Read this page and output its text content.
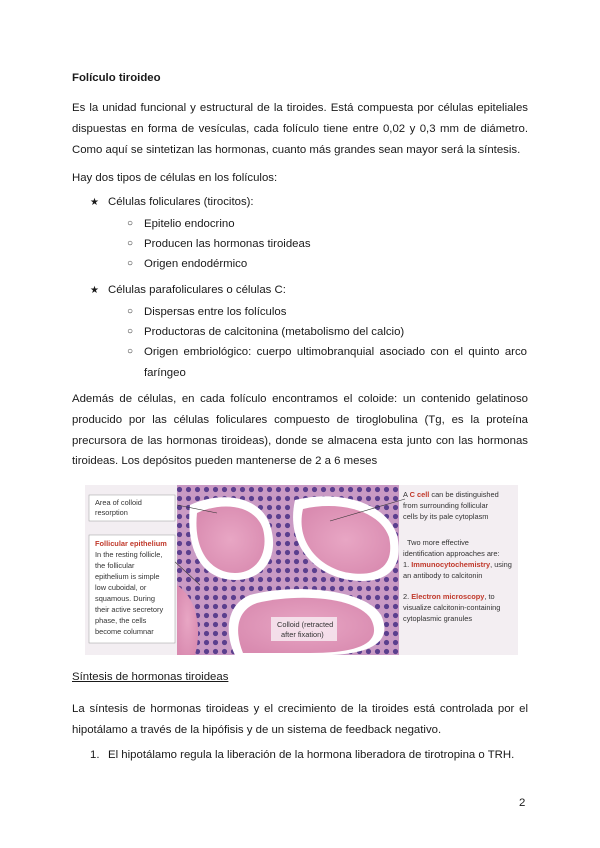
Folículo tiroideo

Es la unidad funcional y estructural de la tiroides. Está compuesta por células epiteliales
dispuestas en forma de vesículas, cada folículo tiene entre 0,02 y 0,3 mm de diámetro.
Como aquí se sintetizan las hormonas, cuanto más grandes sean mayor será la síntesis.

Hay dos tipos de células en los folículos:

★ Células foliculares (tirocitos):
○ Epitelio endocrino
○ Producen las hormonas tiroideas
○ Origen endodérmico
★ Células parafoliculares o células C:
○ Dispersas entre los folículos
○ Productoras de calcitonina (metabolismo del calcio)
○ Origen embriológico: cuerpo ultimobranquial asociado con el quinto arco
faríngeo

Además de células, en cada folículo encontramos el coloide: un contenido gelatinoso
producido por las células foliculares compuesto de tiroglobulina (Tg, es la proteína
precursora de las hormonas tiroideas), donde se almacena esta junto con las hormonas
tiroideas. Los depósitos pueden mantenerse de 2 a 6 meses

Area of colloid
resorption
Follicular epithelium
In the resting follicle,
the follicular
epithelium is simple
low cuboidal, or
squamous. During
their active secretory
phase, the cells
become columnar
Colloid (retracted
after fixation)
A C cell can be distinguished
from surrounding follicular
cells by its pale cytoplasm
Two more effective
identification approaches are:
1. Immunocytochemistry, using
an antibody to calcitonin
2. Electron microscopy, to
visualize calcitonin-containing
cytoplasmic granules
Síntesis de hormonas tiroideas

La síntesis de hormonas tiroideas y el crecimiento de la tiroides está controlada por el
hipotálamo a través de la hipófisis y de un sistema de feedback negativo.

1. El hipotálamo regula la liberación de la hormona liberadora de tirotropina o TRH.
2
